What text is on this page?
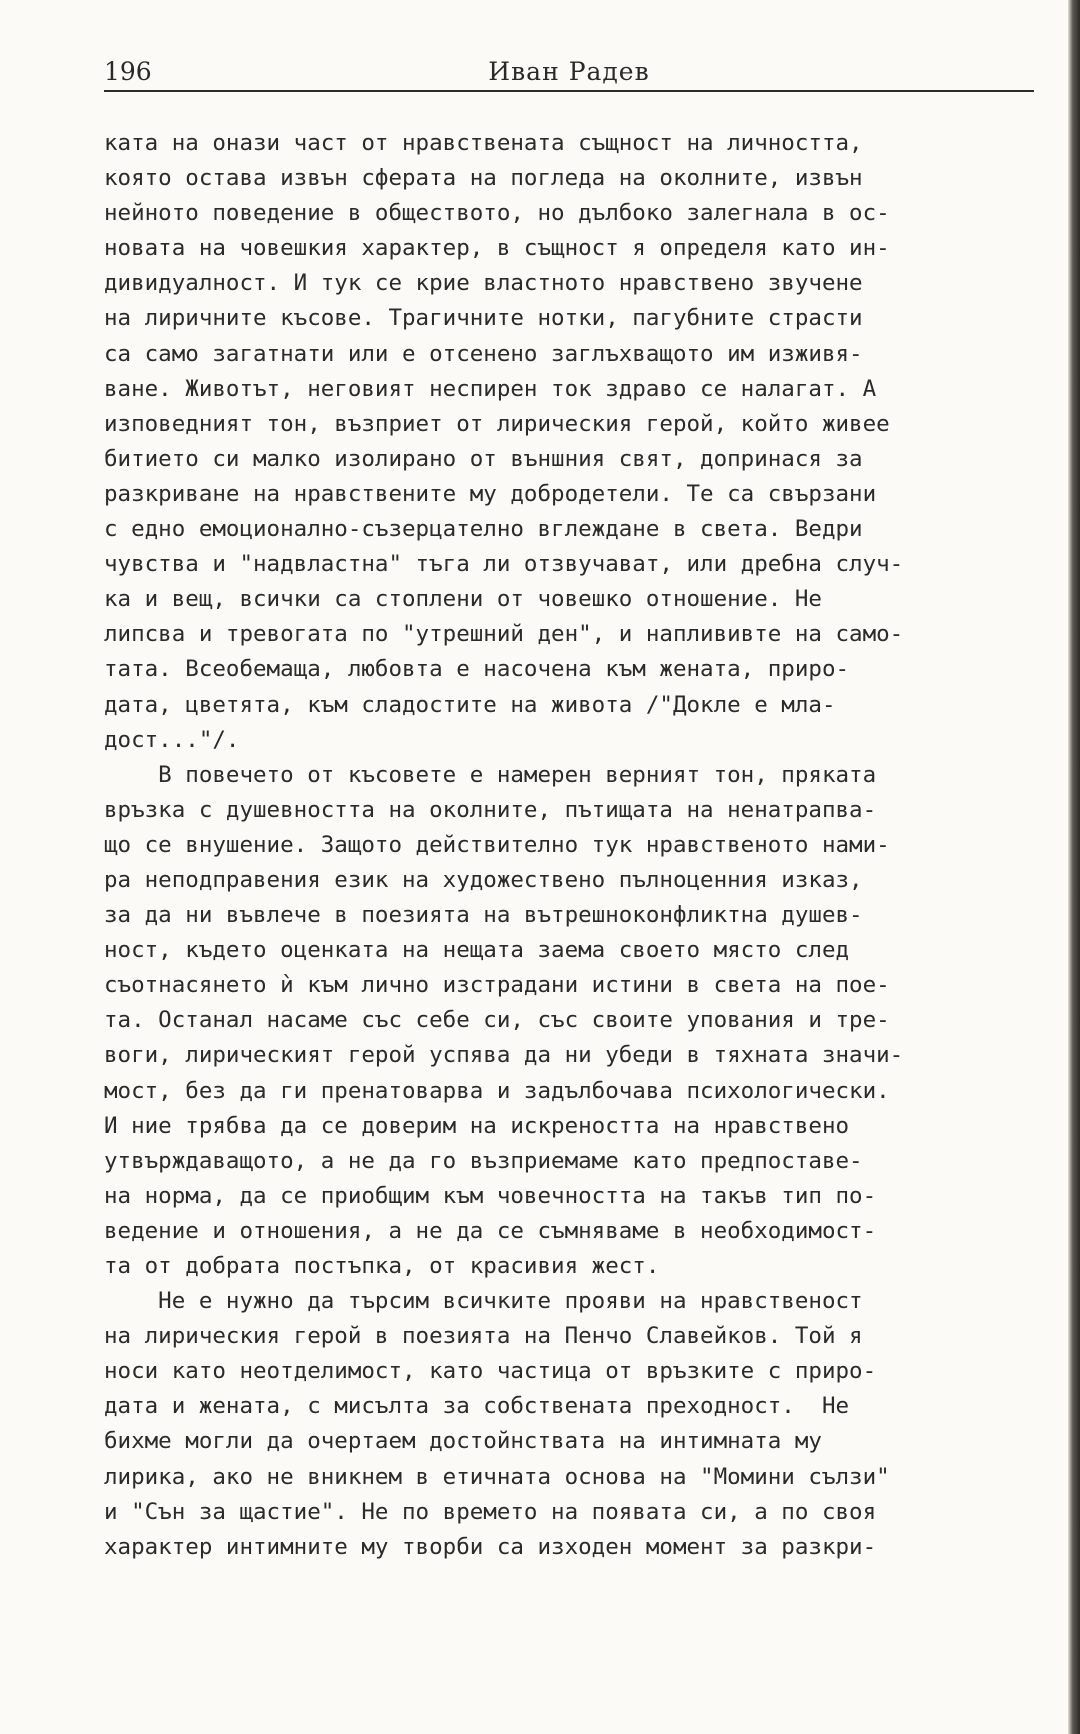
196	Иван Радев
ката на онази част от нравствената същност на личността,
която остава извън сферата на погледа на околните, извън
нейното поведение в обществото, но дълбоко залегнала в ос-
новата на човешкия характер, в същност я определя като ин-
дивидуалност. И тук се крие властното нравствено звучене
на лиричните късове. Трагичните нотки, пагубните страсти
са само загатнати или е отсенено заглъхващото им изживя-
ване. Животът, неговият неспирен ток здраво се налагат. А
изповедният тон, възприет от лирическия герой, който живее
битието си малко изолирано от външния свят, допринася за
разкриване на нравствените му добродетели. Те са свързани
с едно емоционално-съзерцателно вглеждане в света. Ведри
чувства и "надвластна" тъга ли отзвучават, или дребна случ-
ка и вещ, всички са стоплени от човешко отношение. Не
липсва и тревогата по "утрешний ден", и наплививте на само-
тата. Всеобемаща, любовта е насочена към жената, приро-
дата, цветята, към сладостите на живота /"Докле е мла-
дост..."/.
В повечето от късовете е намерен верният тон, пряката
връзка с душевността на околните, пътищата на ненатрапва-
що се внушение. Защото действително тук нравственото нами-
ра неподправения език на художествено пълноценния изказ,
за да ни въвлече в поезията на вътрешноконфликтна душев-
ност, където оценката на нещата заема своето място след
съотнасянето ѝ към лично изстрадани истини в света на пое-
та. Останал насаме със себе си, със своите упования и тре-
воги, лирическият герой успява да ни убеди в тяхната значи-
мост, без да ги пренатоварва и задълбочава психологически.
И ние трябва да се доверим на искреността на нравствено
утвърждаващото, а не да го възприемаме като предпоставе-
на норма, да се приобщим към човечността на такъв тип по-
ведение и отношения, а не да се съмняваме в необходимост-
та от добрата постъпка, от красивия жест.
Не е нужно да търсим всичките прояви на нравственост
на лирическия герой в поезията на Пенчо Славейков. Той я
носи като неотделимост, като частица от връзките с приро-
дата и жената, с мисълта за собствената преходност.  Не
бихме могли да очертаем достойнствата на интимната му
лирика, ако не вникнем в етичната основа на "Момини сълзи"
и "Сън за щастие". Не по времето на появата си, а по своя
характер интимните му творби са изходен момент за разкри-
